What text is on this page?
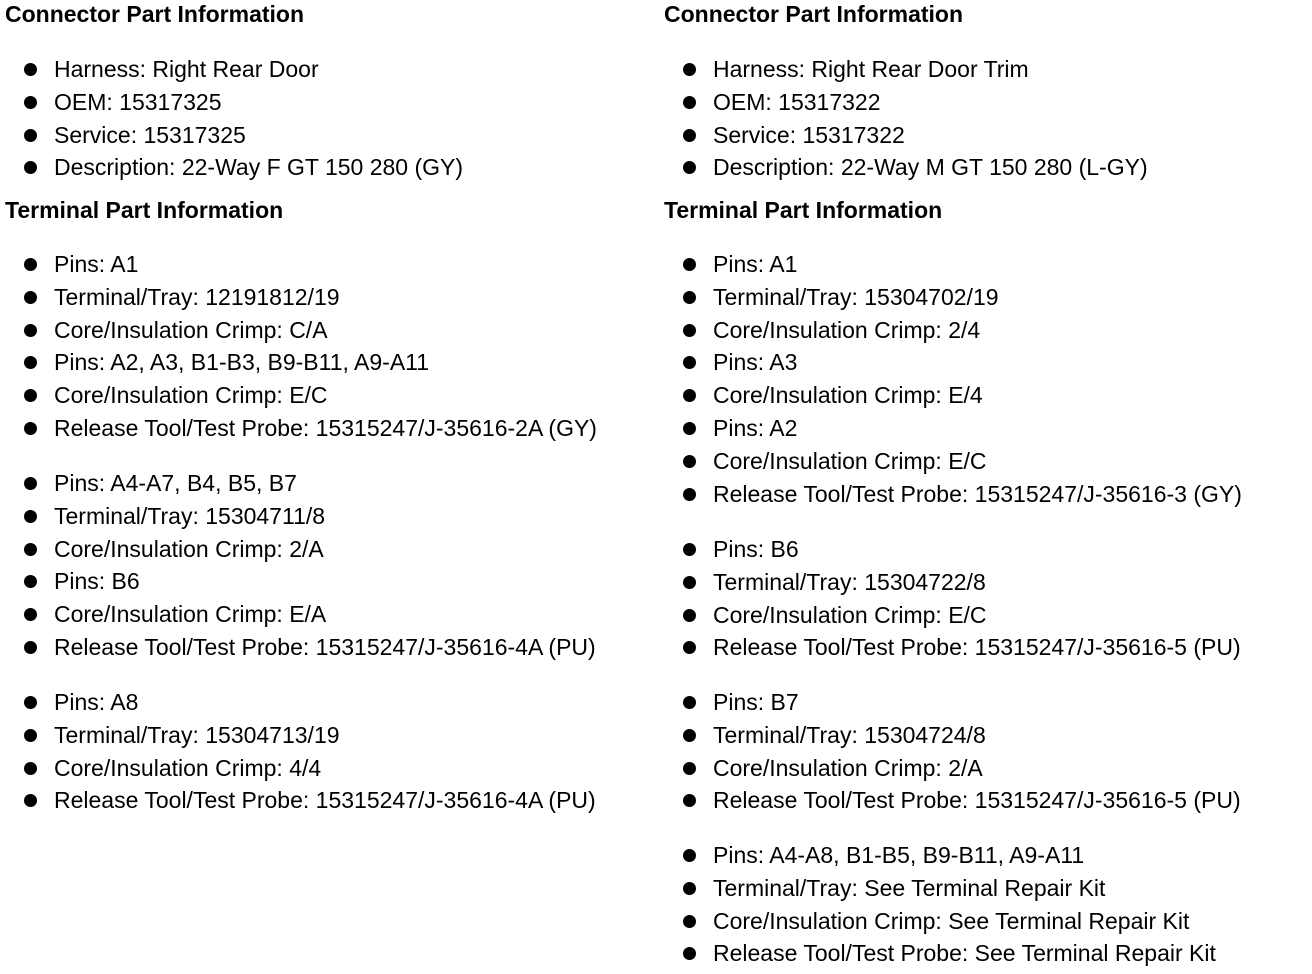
Connector Part Information
Harness: Right Rear Door
OEM: 15317325
Service: 15317325
Description: 22-Way F GT 150 280 (GY)
Terminal Part Information
Pins: A1
Terminal/Tray: 12191812/19
Core/Insulation Crimp: C/A
Pins: A2, A3, B1-B3, B9-B11, A9-A11
Core/Insulation Crimp: E/C
Release Tool/Test Probe: 15315247/J-35616-2A (GY)
Pins: A4-A7, B4, B5, B7
Terminal/Tray: 15304711/8
Core/Insulation Crimp: 2/A
Pins: B6
Core/Insulation Crimp: E/A
Release Tool/Test Probe: 15315247/J-35616-4A (PU)
Pins: A8
Terminal/Tray: 15304713/19
Core/Insulation Crimp: 4/4
Release Tool/Test Probe: 15315247/J-35616-4A (PU)
Connector Part Information
Harness: Right Rear Door Trim
OEM: 15317322
Service: 15317322
Description: 22-Way M GT 150 280 (L-GY)
Terminal Part Information
Pins: A1
Terminal/Tray: 15304702/19
Core/Insulation Crimp: 2/4
Pins: A3
Core/Insulation Crimp: E/4
Pins: A2
Core/Insulation Crimp: E/C
Release Tool/Test Probe: 15315247/J-35616-3 (GY)
Pins: B6
Terminal/Tray: 15304722/8
Core/Insulation Crimp: E/C
Release Tool/Test Probe: 15315247/J-35616-5 (PU)
Pins: B7
Terminal/Tray: 15304724/8
Core/Insulation Crimp: 2/A
Release Tool/Test Probe: 15315247/J-35616-5 (PU)
Pins: A4-A8, B1-B5, B9-B11, A9-A11
Terminal/Tray: See Terminal Repair Kit
Core/Insulation Crimp: See Terminal Repair Kit
Release Tool/Test Probe: See Terminal Repair Kit
